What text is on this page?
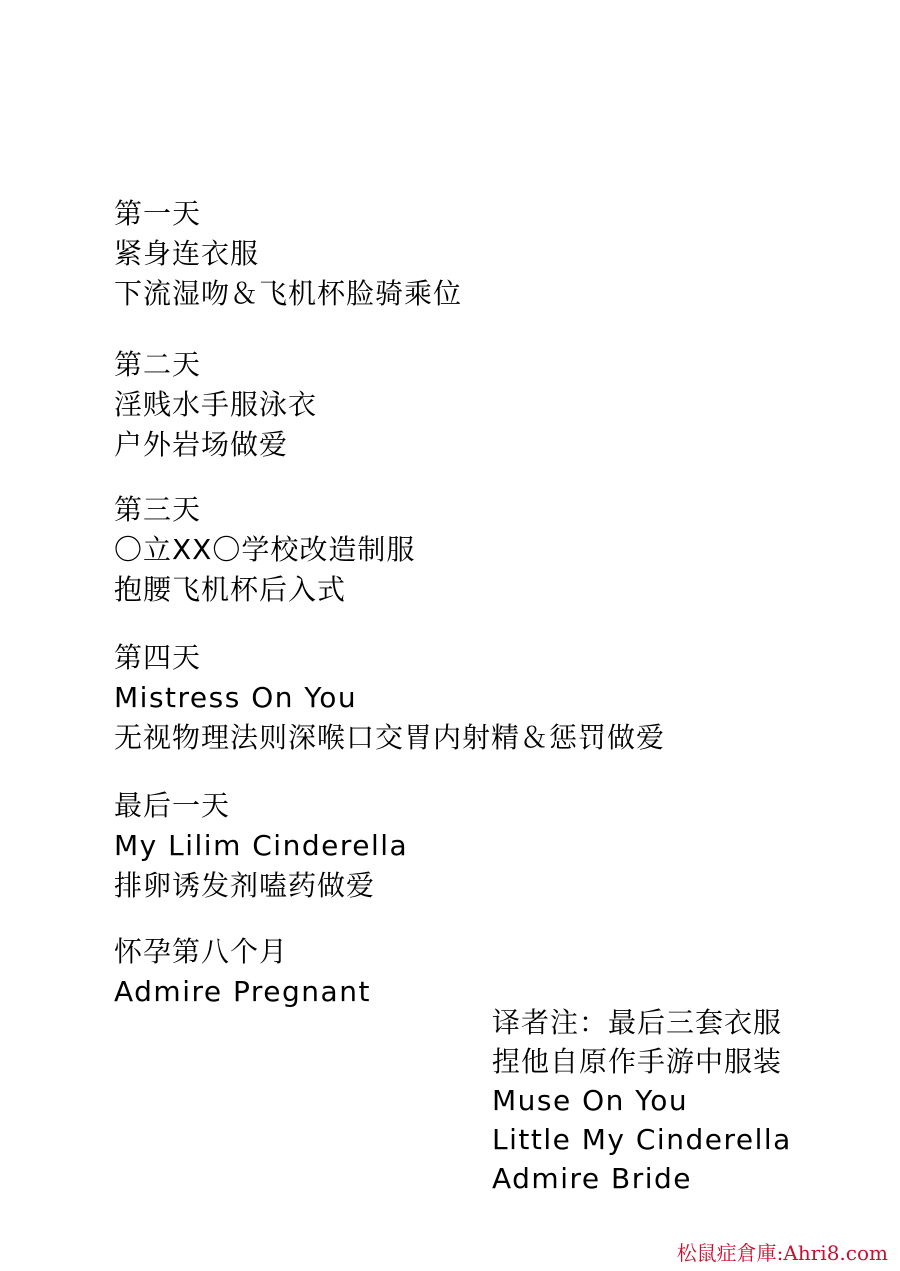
第一天
紧身连衣服
下流湿吻＆飞机杯脸骑乘位
第二天
淫贱水手服泳衣
户外岩场做爱
第三天
〇立XX〇学校改造制服
抱腰飞机杯后入式
第四天
Mistress On You
无视物理法则深喉口交胃内射精＆惩罚做爱
最后一天
My Lilim Cinderella
排卵诱发剂嗑药做爱
怀孕第八个月
Admire Pregnant
译者注：最后三套衣服
捏他自原作手游中服装
Muse On You
Little My Cinderella
Admire Bride
松鼠症倉庫:Ahri8.com
